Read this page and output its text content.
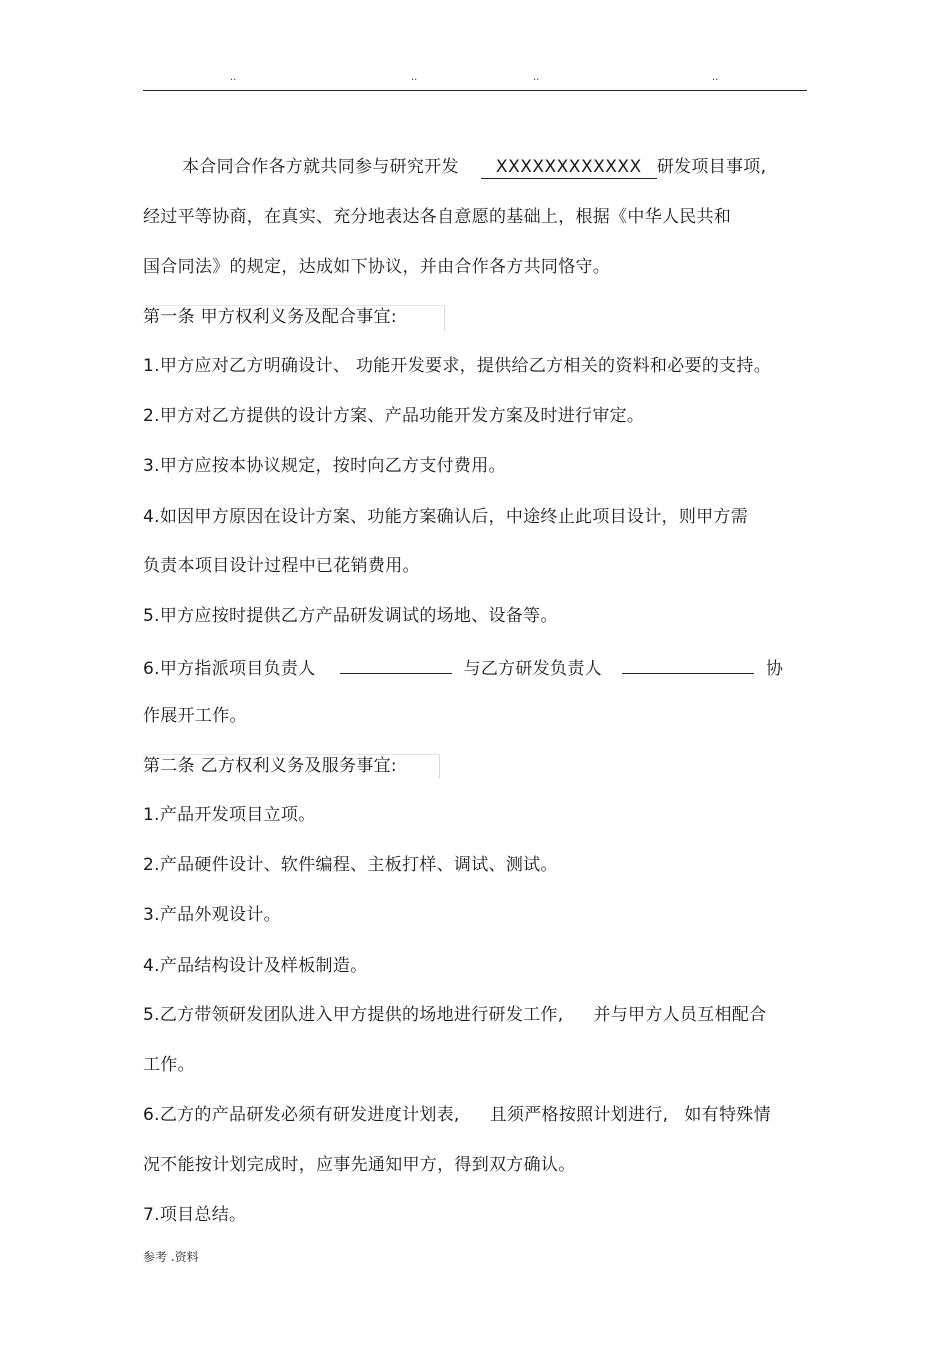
..	..	..	..
本合同合作各方就共同参与研究开发 XXXXXXXXXXXX 研发项目事项,
经过平等协商，在真实、充分地表达各自意愿的基础上，根据《中华人民共和
国合同法》的规定，达成如下协议，并由合作各方共同恪守。
第一条 甲方权利义务及配合事宜:
1.甲方应对乙方明确设计、 功能开发要求，提供给乙方相关的资料和必要的支持。
2.甲方对乙方提供的设计方案、产品功能开发方案及时进行审定。
3.甲方应按本协议规定，按时向乙方支付费用。
4.如因甲方原因在设计方案、功能方案确认后，中途终止此项目设计，则甲方需
负责本项目设计过程中已花销费用。
5.甲方应按时提供乙方产品研发调试的场地、设备等。
6.甲方指派项目负责人	与乙方研发负责人	协
作展开工作。
第二条 乙方权利义务及服务事宜:
1.产品开发项目立项。
2.产品硬件设计、软件编程、主板打样、调试、测试。
3.产品外观设计。
4.产品结构设计及样板制造。
5.乙方带领研发团队进入甲方提供的场地进行研发工作, 并与甲方人员互相配合
工作。
6.乙方的产品研发必须有研发进度计划表, 且须严格按照计划进行, 如有特殊情
况不能按计划完成时，应事先通知甲方，得到双方确认。
7.项目总结。
参考 .资料
